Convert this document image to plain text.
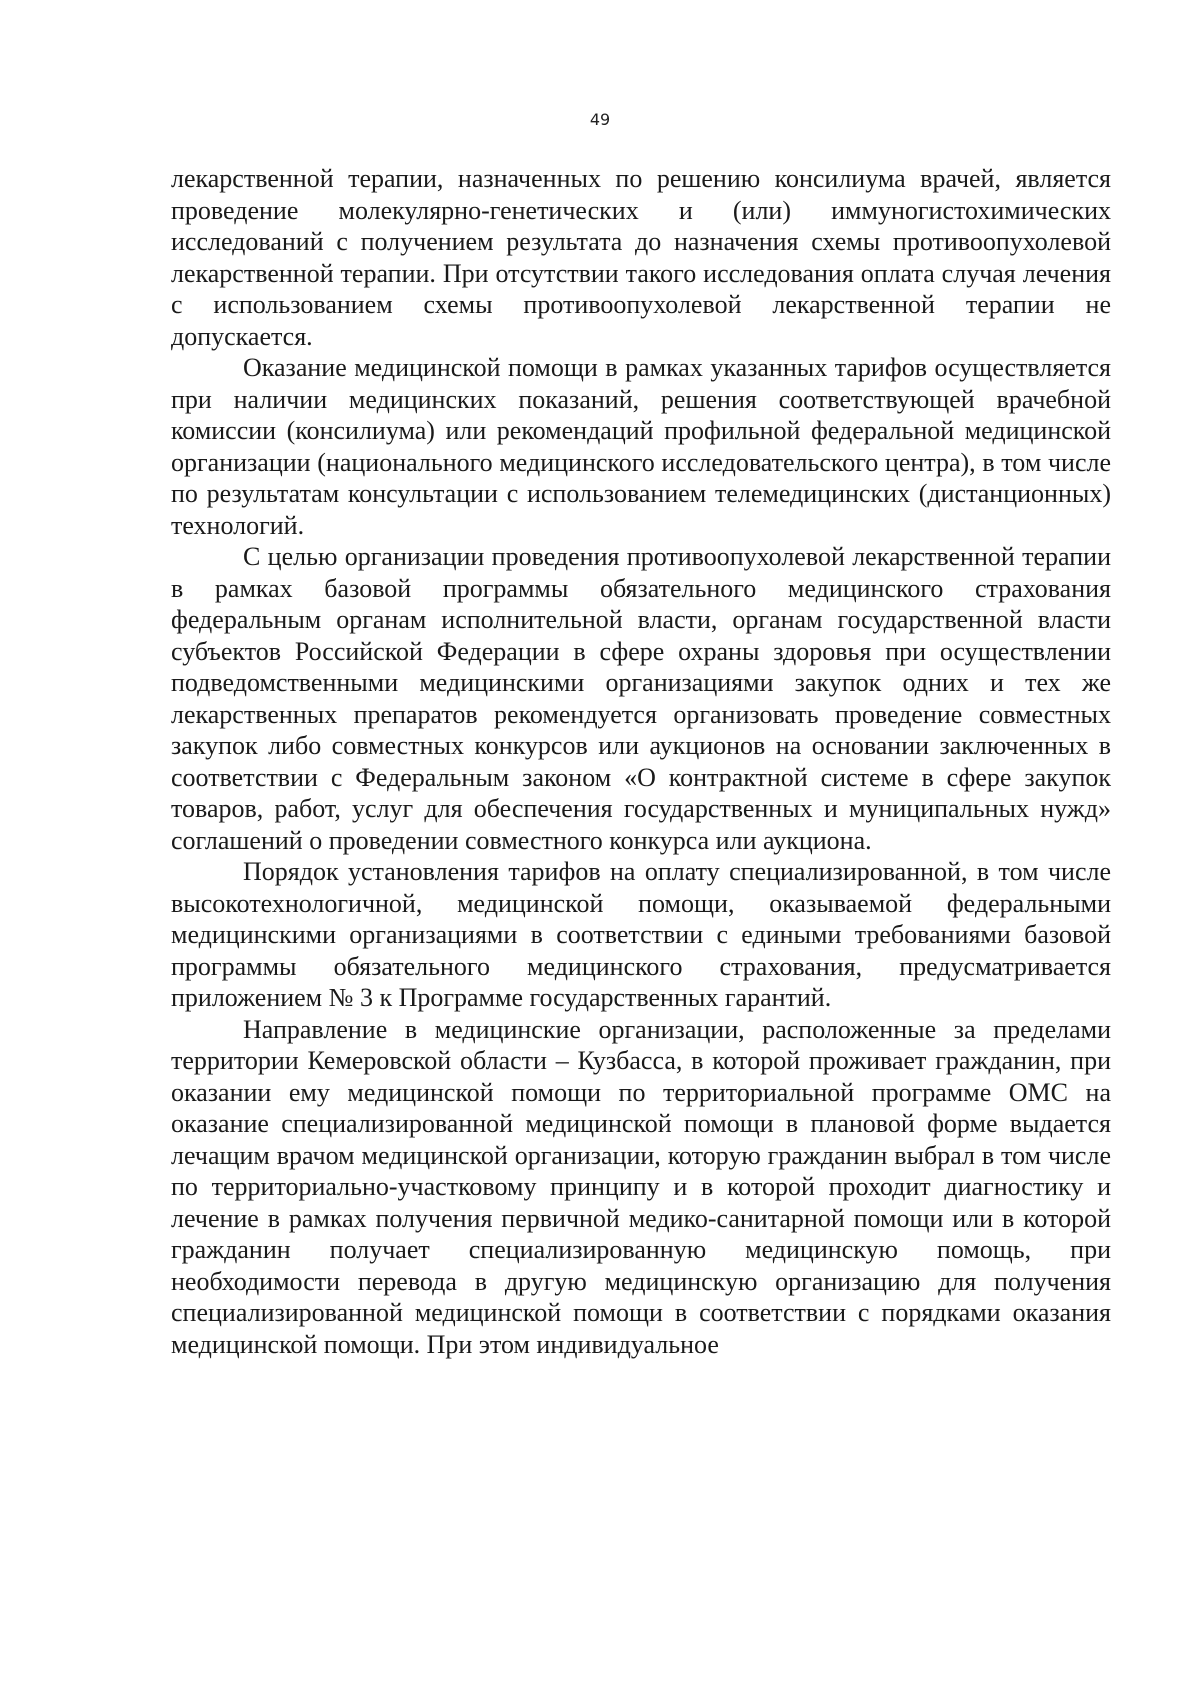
49

лекарственной терапии, назначенных по решению консилиума врачей, является проведение молекулярно-генетических и (или) иммуногистохимических исследований с получением результата до назначения схемы противоопухолевой лекарственной терапии. При отсутствии такого исследования оплата случая лечения с использованием схемы противоопухолевой лекарственной терапии не допускается.

Оказание медицинской помощи в рамках указанных тарифов осуществляется при наличии медицинских показаний, решения соответствующей врачебной комиссии (консилиума) или рекомендаций профильной федеральной медицинской организации (национального медицинского исследовательского центра), в том числе по результатам консультации с использованием телемедицинских (дистанционных) технологий.

С целью организации проведения противоопухолевой лекарственной терапии в рамках базовой программы обязательного медицинского страхования федеральным органам исполнительной власти, органам государственной власти субъектов Российской Федерации в сфере охраны здоровья при осуществлении подведомственными медицинскими организациями закупок одних и тех же лекарственных препаратов рекомендуется организовать проведение совместных закупок либо совместных конкурсов или аукционов на основании заключенных в соответствии с Федеральным законом «О контрактной системе в сфере закупок товаров, работ, услуг для обеспечения государственных и муниципальных нужд» соглашений о проведении совместного конкурса или аукциона.

Порядок установления тарифов на оплату специализированной, в том числе высокотехнологичной, медицинской помощи, оказываемой федеральными медицинскими организациями в соответствии с едиными требованиями базовой программы обязательного медицинского страхования, предусматривается приложением № 3 к Программе государственных гарантий.

Направление в медицинские организации, расположенные за пределами территории Кемеровской области – Кузбасса, в которой проживает гражданин, при оказании ему медицинской помощи по территориальной программе ОМС на оказание специализированной медицинской помощи в плановой форме выдается лечащим врачом медицинской организации, которую гражданин выбрал в том числе по территориально-участковому принципу и в которой проходит диагностику и лечение в рамках получения первичной медико-санитарной помощи или в которой гражданин получает специализированную медицинскую помощь, при необходимости перевода в другую медицинскую организацию для получения специализированной медицинской помощи в соответствии с порядками оказания медицинской помощи. При этом индивидуальное
